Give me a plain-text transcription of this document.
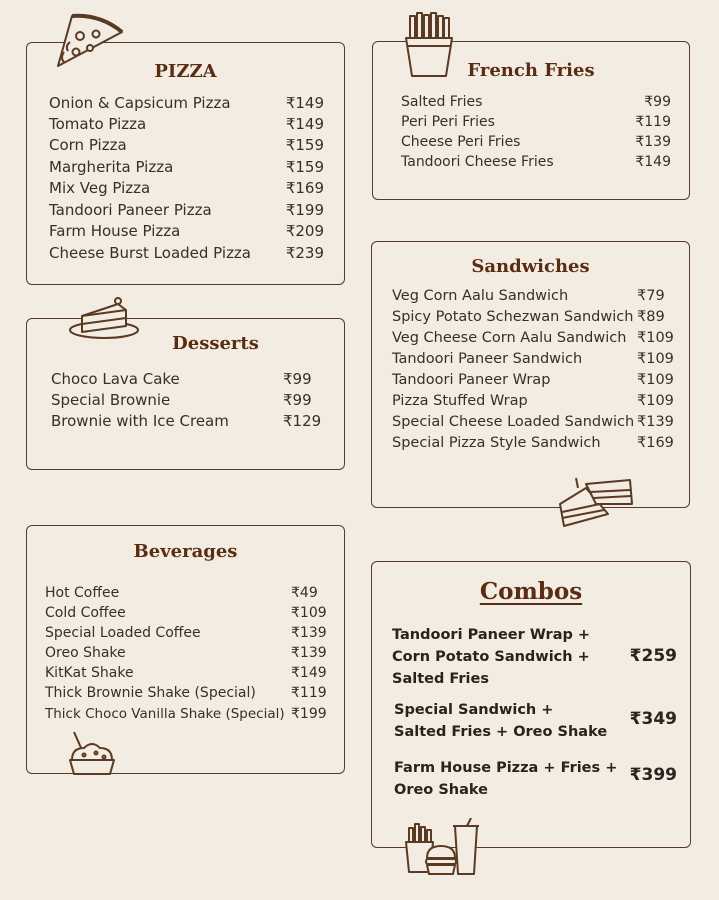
PIZZA
Onion & Capsicum Pizza	₹149
Tomato Pizza	₹149
Corn Pizza	₹159
Margherita Pizza	₹159
Mix Veg Pizza	₹169
Tandoori Paneer Pizza	₹199
Farm House Pizza	₹209
Cheese Burst Loaded Pizza ₹239
French Fries
Salted Fries	₹99
Peri Peri Fries	₹119
Cheese Peri Fries	₹139
Tandoori Cheese Fries	₹149
Sandwiches
Veg Corn Aalu Sandwich	₹79
Spicy Potato Schezwan Sandwich ₹89
Veg Cheese Corn Aalu Sandwich ₹109
Tandoori Paneer Sandwich	₹109
Tandoori Paneer Wrap	₹109
Pizza Stuffed Wrap	₹109
Special Cheese Loaded Sandwich ₹139
Special Pizza Style Sandwich	₹169
Desserts
Choco Lava Cake	₹99
Special Brownie	₹99
Brownie with Ice Cream	₹129
Beverages
Hot Coffee	₹49
Cold Coffee	₹109
Special Loaded Coffee	₹139
Oreo Shake	₹139
KitKat Shake	₹149
Thick Brownie Shake (Special)	₹119
Thick Choco Vanilla Shake (Special) ₹199
Combos
Tandoori Paneer Wrap +
Corn Potato Sandwich +
Salted Fries
₹259
Special Sandwich +
Salted Fries + Oreo Shake
₹349
Farm House Pizza + Fries +
Oreo Shake
₹399
